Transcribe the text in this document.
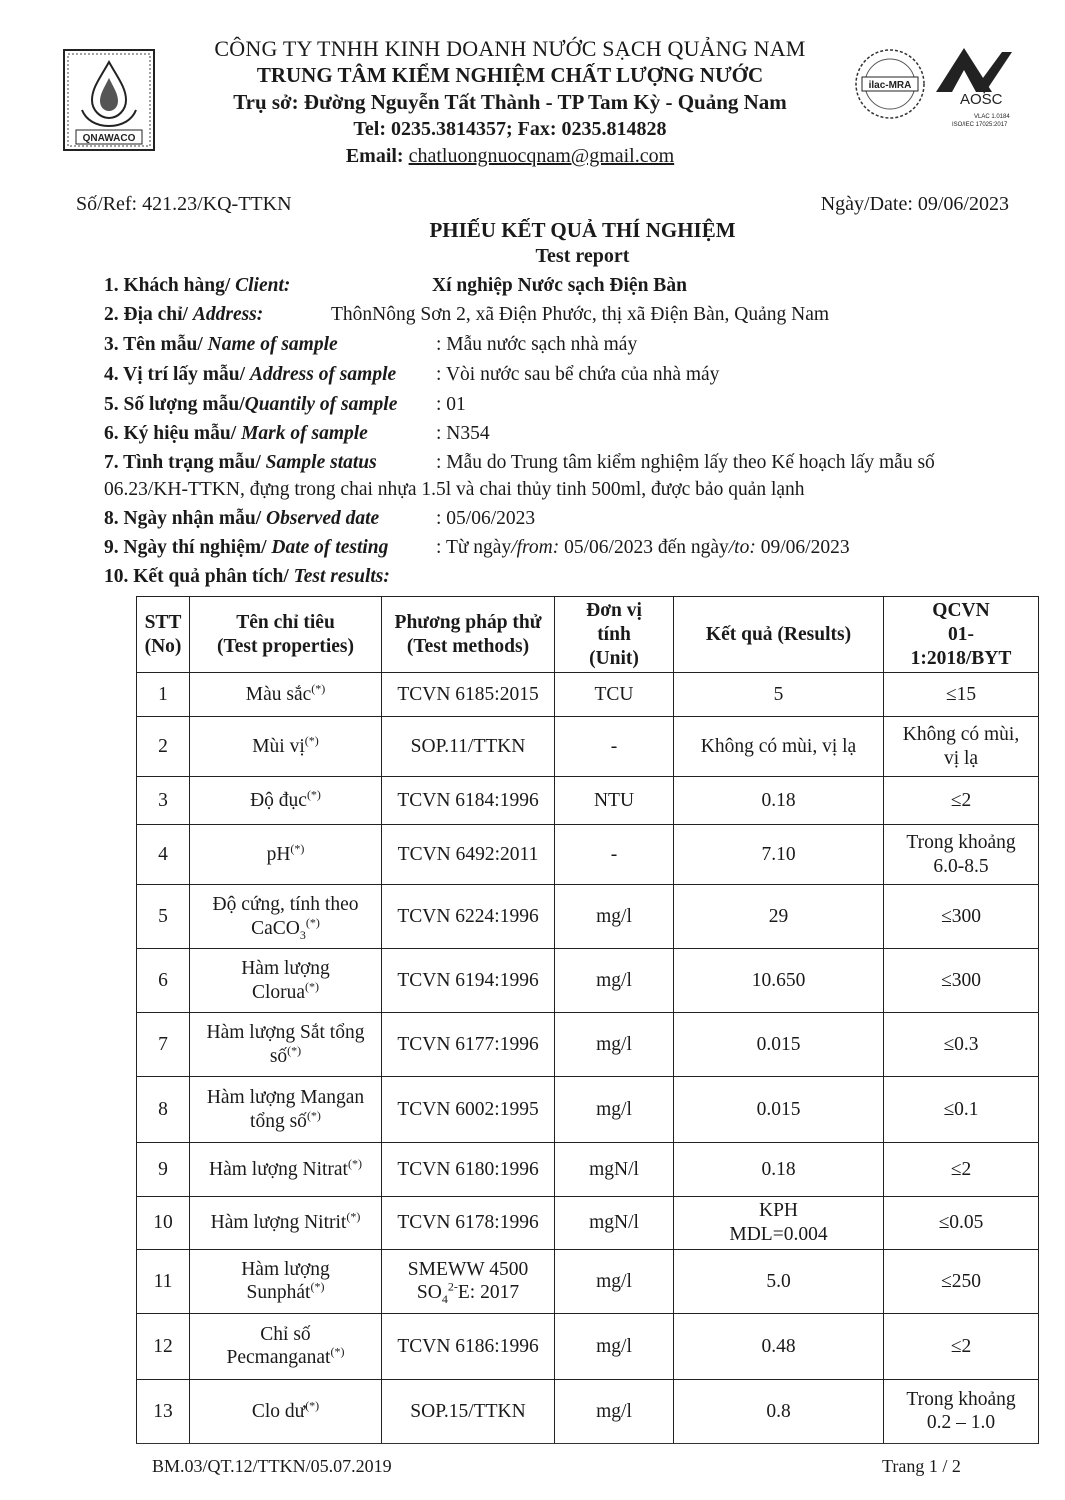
QNAWACO
ilac-MRA
AOSC
VLAC 1.0184
ISO/IEC 17025:2017
CÔNG TY TNHH KINH DOANH NƯỚC SẠCH QUẢNG NAM
TRUNG TÂM KIỂM NGHIỆM CHẤT LƯỢNG NƯỚC
Trụ sở: Đường Nguyễn Tất Thành - TP Tam Kỳ - Quảng Nam
Tel: 0235.3814357; Fax: 0235.814828
Email: chatluongnuocqnam@gmail.com
Số/Ref: 421.23/KQ-TTKN	Ngày/Date: 09/06/2023
PHIẾU KẾT QUẢ THÍ NGHIỆM
Test report
1. Khách hàng/ Client:	Xí nghiệp Nước sạch Điện Bàn
2. Địa chỉ/ Address:	ThônNông Sơn 2, xã Điện Phước, thị xã Điện Bàn, Quảng Nam
3. Tên mẫu/ Name of sample	: Mẫu nước sạch nhà máy
4. Vị trí lấy mẫu/ Address of sample : Vòi nước sau bể chứa của nhà máy
5. Số lượng mẫu/Quantily of sample : 01
6. Ký hiệu mẫu/ Mark of sample	: N354
7. Tình trạng mẫu/ Sample status	: Mẫu do Trung tâm kiểm nghiệm lấy theo Kế hoạch lấy mẫu số
06.23/KH-TTKN, đựng trong chai nhựa 1.5l và chai thủy tinh 500ml, được bảo quản lạnh
8. Ngày nhận mẫu/ Observed date	: 05/06/2023
9. Ngày thí nghiệm/ Date of testing : Từ ngày/from: 05/06/2023 đến ngày/to: 09/06/2023
10. Kết quả phân tích/ Test results:
STT
(No)	Tên chỉ tiêu
(Test properties)	Phương pháp thử
(Test methods)	Đơn vị
tính
(Unit)	Kết quả (Results)	QCVN
01-
1:2018/BYT
1	Màu sắc(*)	TCVN 6185:2015	TCU	5	≤15
2	Mùi vị(*)	SOP.11/TTKN	-	Không có mùi, vị lạ	Không có mùi,
vị lạ
3	Độ đục(*)	TCVN 6184:1996	NTU	0.18	≤2
4	pH(*)	TCVN 6492:2011	-	7.10	Trong khoảng
6.0-8.5
5	Độ cứng, tính theo
CaCO$_3$(*)	TCVN 6224:1996	mg/l	29	≤300
6	Hàm lượng
Clorua(*)	TCVN 6194:1996	mg/l	10.650	≤300
7	Hàm lượng Sắt tổng
số(*)	TCVN 6177:1996	mg/l	0.015	≤0.3
8	Hàm lượng Mangan
tổng số(*)	TCVN 6002:1995	mg/l	0.015	≤0.1
9	Hàm lượng Nitrat(*)	TCVN 6180:1996	mgN/l	0.18	≤2
10	Hàm lượng Nitrit(*)	TCVN 6178:1996	mgN/l	KPH
MDL=0.004	≤0.05
11	Hàm lượng
Sunphát(*)	SMEWW 4500
$SO_4^{2-}E$: 2017	mg/l	5.0	≤250
12	Chỉ số
Pecmanganat(*)	TCVN 6186:1996	mg/l	0.48	≤2
13	Clo dư(*)	SOP.15/TTKN	mg/l	0.8	Trong khoảng
0.2 – 1.0
BM.03/QT.12/TTKN/05.07.2019	Trang 1 / 2
